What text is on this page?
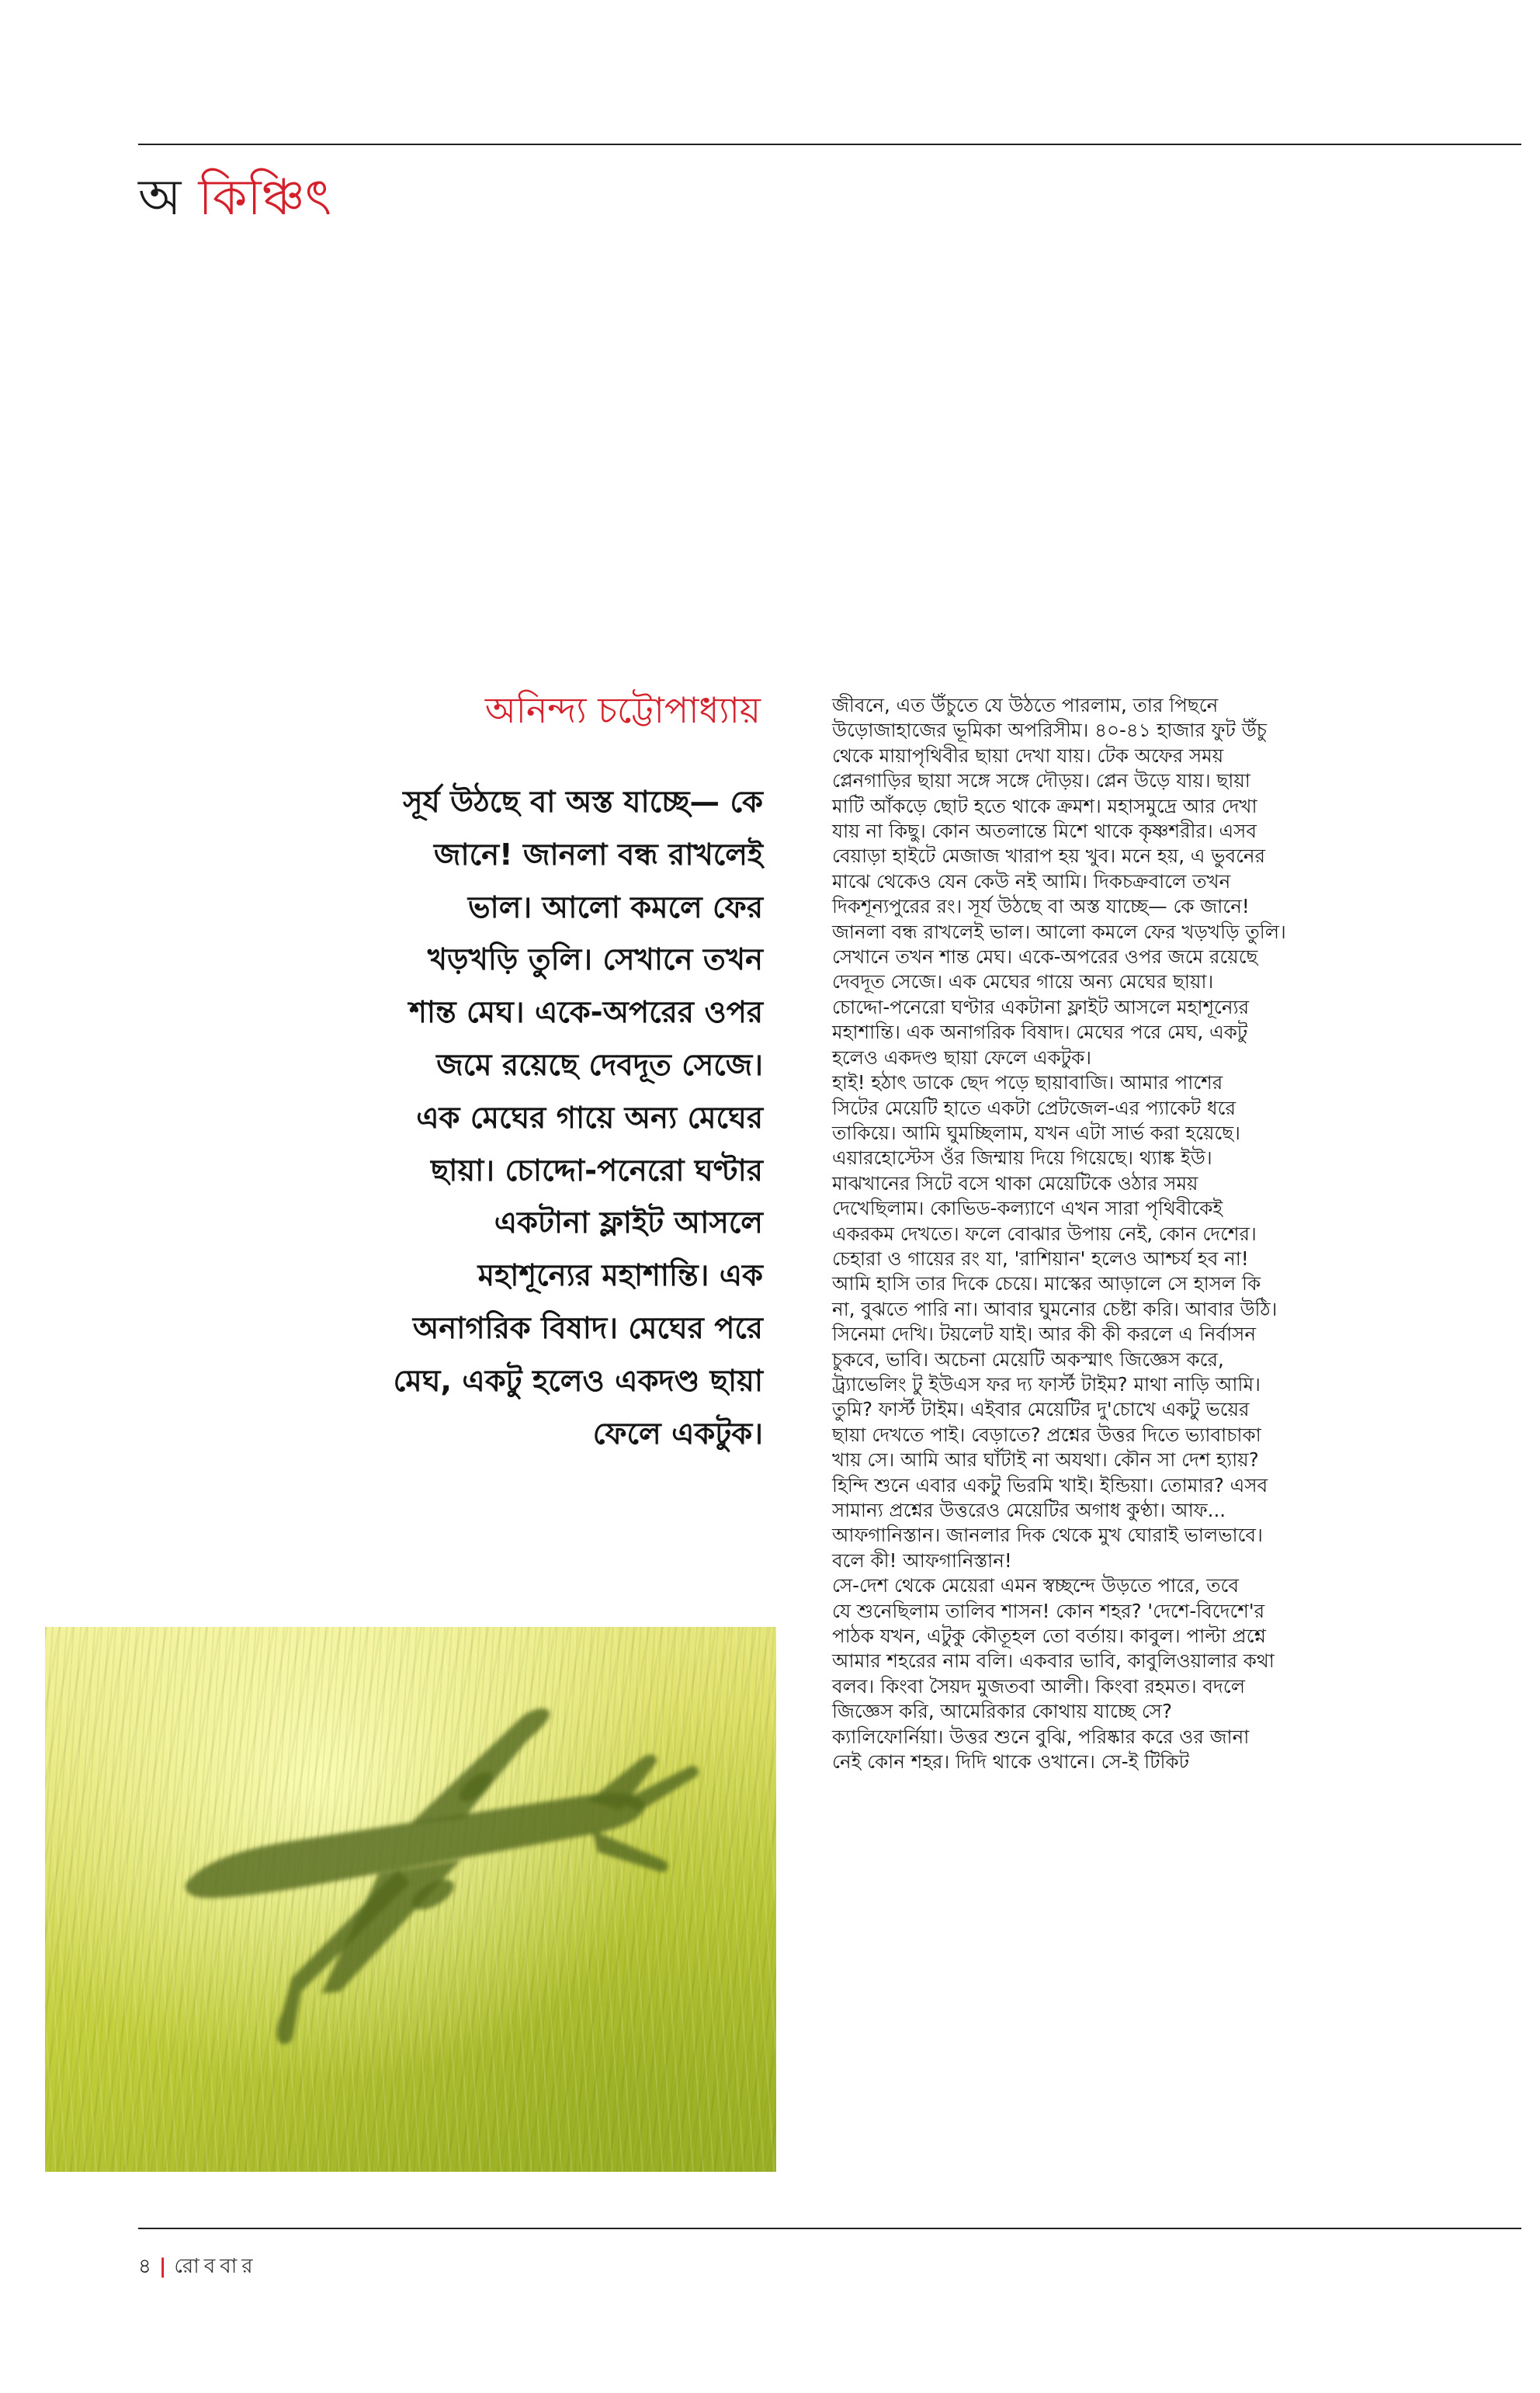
অ কিঞ্চিৎ
অনিন্দ্য চট্টোপাধ্যায়
সূর্য উঠছে বা অস্ত যাচ্ছে— কে
জানে! জানলা বন্ধ রাখলেই
ভাল। আলো কমলে ফের
খড়খড়ি তুলি। সেখানে তখন
শান্ত মেঘ। একে-অপরের ওপর
জমে রয়েছে দেবদূত সেজে।
এক মেঘের গায়ে অন্য মেঘের
ছায়া। চোদ্দো-পনেরো ঘণ্টার
একটানা ফ্লাইট আসলে
মহাশূন্যের মহাশান্তি। এক
অনাগরিক বিষাদ। মেঘের পরে
মেঘ, একটু হলেও একদণ্ড ছায়া
ফেলে একটুক।
জীবনে, এত উঁচুতে যে উঠতে পারলাম, তার পিছনে
উড়োজাহাজের ভূমিকা অপরিসীম। ৪০-৪১ হাজার ফুট উঁচু
থেকে মায়াপৃথিবীর ছায়া দেখা যায়। টেক অফের সময়
প্লেনগাড়ির ছায়া সঙ্গে সঙ্গে দৌড়য়। প্লেন উড়ে যায়। ছায়া
মাটি আঁকড়ে ছোট হতে থাকে ক্রমশ। মহাসমুদ্রে আর দেখা
যায় না কিছু। কোন অতলান্তে মিশে থাকে কৃষ্ণশরীর। এসব
বেয়াড়া হাইটে মেজাজ খারাপ হয় খুব। মনে হয়, এ ভুবনের
মাঝে থেকেও যেন কেউ নই আমি। দিকচক্রবালে তখন
দিকশূন্যপুরের রং। সূর্য উঠছে বা অস্ত যাচ্ছে— কে জানে!
জানলা বন্ধ রাখলেই ভাল। আলো কমলে ফের খড়খড়ি তুলি।
সেখানে তখন শান্ত মেঘ। একে-অপরের ওপর জমে রয়েছে
দেবদূত সেজে। এক মেঘের গায়ে অন্য মেঘের ছায়া।
চোদ্দো-পনেরো ঘণ্টার একটানা ফ্লাইট আসলে মহাশূন্যের
মহাশান্তি। এক অনাগরিক বিষাদ। মেঘের পরে মেঘ, একটু
হলেও একদণ্ড ছায়া ফেলে একটুক।
হাই! হঠাৎ ডাকে ছেদ পড়ে ছায়াবাজি। আমার পাশের
সিটের মেয়েটি হাতে একটা প্রেটজেল-এর প্যাকেট ধরে
তাকিয়ে। আমি ঘুমচ্ছিলাম, যখন এটা সার্ভ করা হয়েছে।
এয়ারহোস্টেস ওঁর জিম্মায় দিয়ে গিয়েছে। থ্যাঙ্ক ইউ।
মাঝখানের সিটে বসে থাকা মেয়েটিকে ওঠার সময়
দেখেছিলাম। কোভিড-কল্যাণে এখন সারা পৃথিবীকেই
একরকম দেখতে। ফলে বোঝার উপায় নেই, কোন দেশের।
চেহারা ও গায়ের রং যা, 'রাশিয়ান' হলেও আশ্চর্য হব না!
আমি হাসি তার দিকে চেয়ে। মাস্কের আড়ালে সে হাসল কি
না, বুঝতে পারি না। আবার ঘুমনোর চেষ্টা করি। আবার উঠি।
সিনেমা দেখি। টয়লেট যাই। আর কী কী করলে এ নির্বাসন
চুকবে, ভাবি। অচেনা মেয়েটি অকস্মাৎ জিজ্ঞেস করে,
ট্র্যাভেলিং টু ইউএস ফর দ্য ফার্স্ট টাইম? মাথা নাড়ি আমি।
তুমি? ফার্স্ট টাইম। এইবার মেয়েটির দু'চোখে একটু ভয়ের
ছায়া দেখতে পাই। বেড়াতে? প্রশ্নের উত্তর দিতে ভ্যাবাচাকা
খায় সে। আমি আর ঘাঁটাই না অযথা। কৌন সা দেশ হ্যায়?
হিন্দি শুনে এবার একটু ভিরমি খাই। ইন্ডিয়া। তোমার? এসব
সামান্য প্রশ্নের উত্তরেও মেয়েটির অগাধ কুণ্ঠা। আফ...
আফগানিস্তান। জানলার দিক থেকে মুখ ঘোরাই ভালভাবে।
বলে কী! আফগানিস্তান!
সে-দেশ থেকে মেয়েরা এমন স্বচ্ছন্দে উড়তে পারে, তবে
যে শুনেছিলাম তালিব শাসন! কোন শহর? 'দেশে-বিদেশে'র
পাঠক যখন, এটুকু কৌতূহল তো বর্তায়। কাবুল। পাল্টা প্রশ্নে
আমার শহরের নাম বলি। একবার ভাবি, কাবুলিওয়ালার কথা
বলব। কিংবা সৈয়দ মুজতবা আলী। কিংবা রহমত। বদলে
জিজ্ঞেস করি, আমেরিকার কোথায় যাচ্ছে সে?
ক্যালিফোর্নিয়া। উত্তর শুনে বুঝি, পরিষ্কার করে ওর জানা
নেই কোন শহর। দিদি থাকে ওখানে। সে-ই টিকিট
৪ | রোববার
